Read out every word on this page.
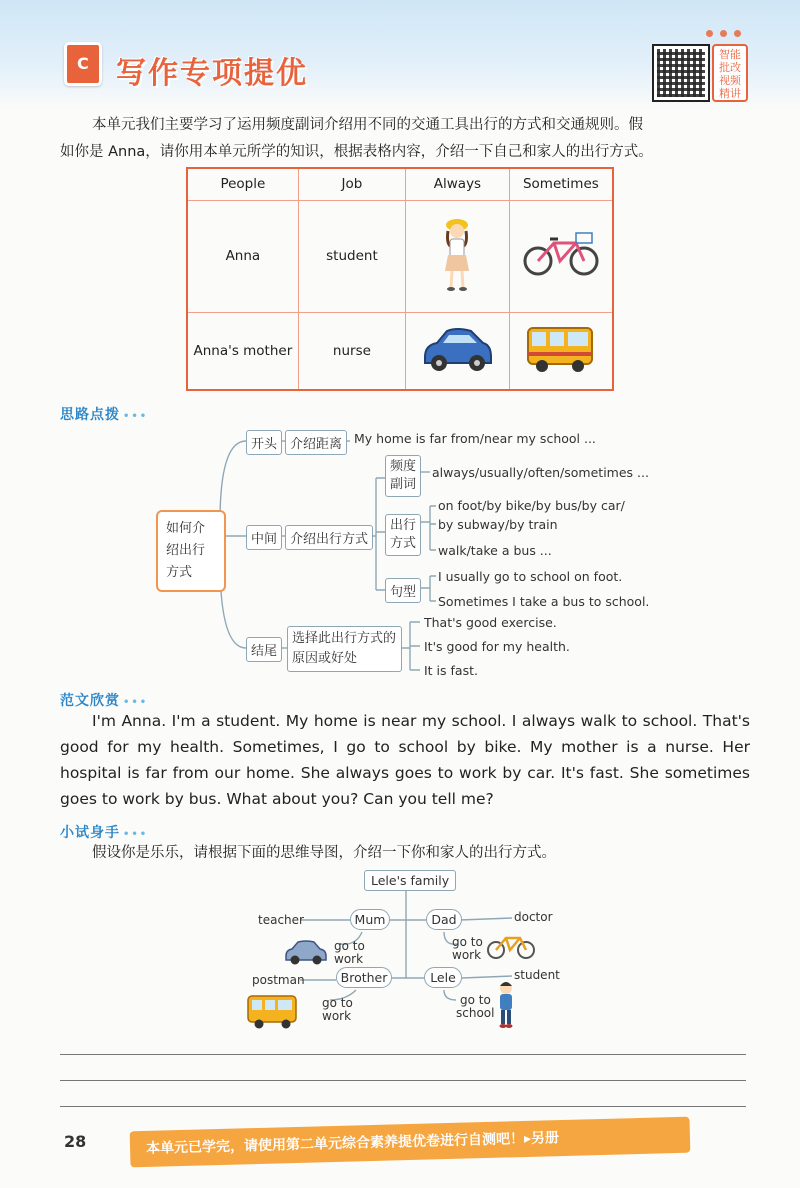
C
写作专项提优
智能批改视频精讲
本单元我们主要学习了运用频度副词介绍用不同的交通工具出行的方式和交通规则。假
如你是 Anna，请你用本单元所学的知识，根据表格内容，介绍一下自己和家人的出行方式。
People	Job	Always	Sometimes
Anna	student		
Anna's mother	nurse		
思路点拨 •••
如何介绍出行方式
开头 介绍距离 My home is far from/near my school ...
中间 介绍出行方式
频度副词
always/usually/often/sometimes ...
出行方式
on foot/by bike/by bus/by car/
by subway/by train
walk/take a bus ...
句型
I usually go to school on foot.
Sometimes I take a bus to school.
结尾
选择此出行方式的原因或好处
That's good exercise.
It's good for my health.
It is fast.
范文欣赏 •••
I'm Anna. I'm a student. My home is near my school. I always walk to school. That's good for my health. Sometimes, I go to school by bike. My mother is a nurse. Her hospital is far from our home. She always goes to work by car. It's fast. She sometimes goes to work by bus. What about you? Can you tell me?
小试身手 •••
假设你是乐乐，请根据下面的思维导图，介绍一下你和家人的出行方式。
Lele's family
Mum
teacher
go to
work
Dad	doctor
go to
work
Brother
postman
go to
work
Lele	student
go to
school
28	本单元已学完，请使用第二单元综合素养提优卷进行自测吧！▸另册
